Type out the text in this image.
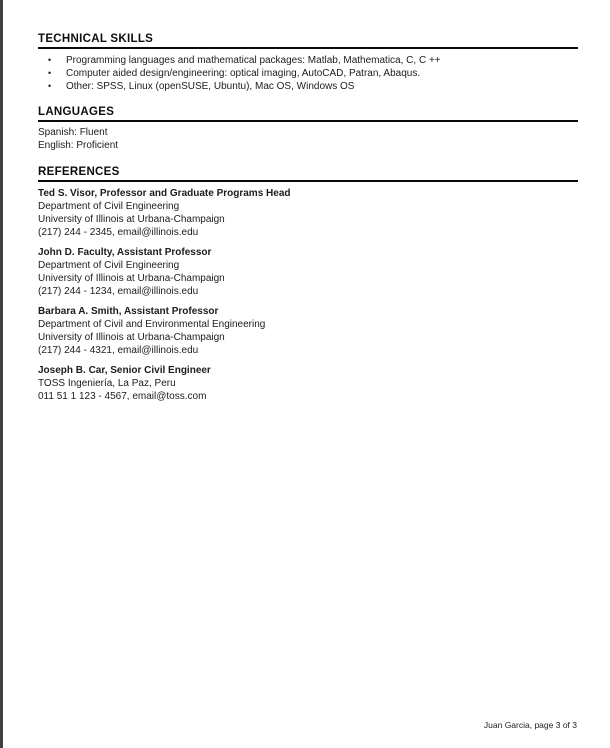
TECHNICAL SKILLS
•	Programming languages and mathematical packages: Matlab, Mathematica, C, C ++
•	Computer aided design/engineering: optical imaging, AutoCAD, Patran, Abaqus.
•	Other: SPSS, Linux (openSUSE, Ubuntu), Mac OS, Windows OS
LANGUAGES

Spanish: Fluent

English: Proficient

REFERENCES

Ted S. Visor, Professor and Graduate Programs Head

Department of Civil Engineering

University of Illinois at Urbana-Champaign

(217) 244 - 2345, email@illinois.edu

John D. Faculty, Assistant Professor

Department of Civil Engineering

University of Illinois at Urbana-Champaign

(217) 244 - 1234, email@illinois.edu

Barbara A. Smith, Assistant Professor

Department of Civil and Environmental Engineering

University of Illinois at Urbana-Champaign

(217) 244 - 4321, email@illinois.edu

Joseph B. Car, Senior Civil Engineer

TOSS Ingeniería, La Paz, Peru

011 51 1 123 - 4567, email@toss.com

Juan Garcia, page 3 of 3
